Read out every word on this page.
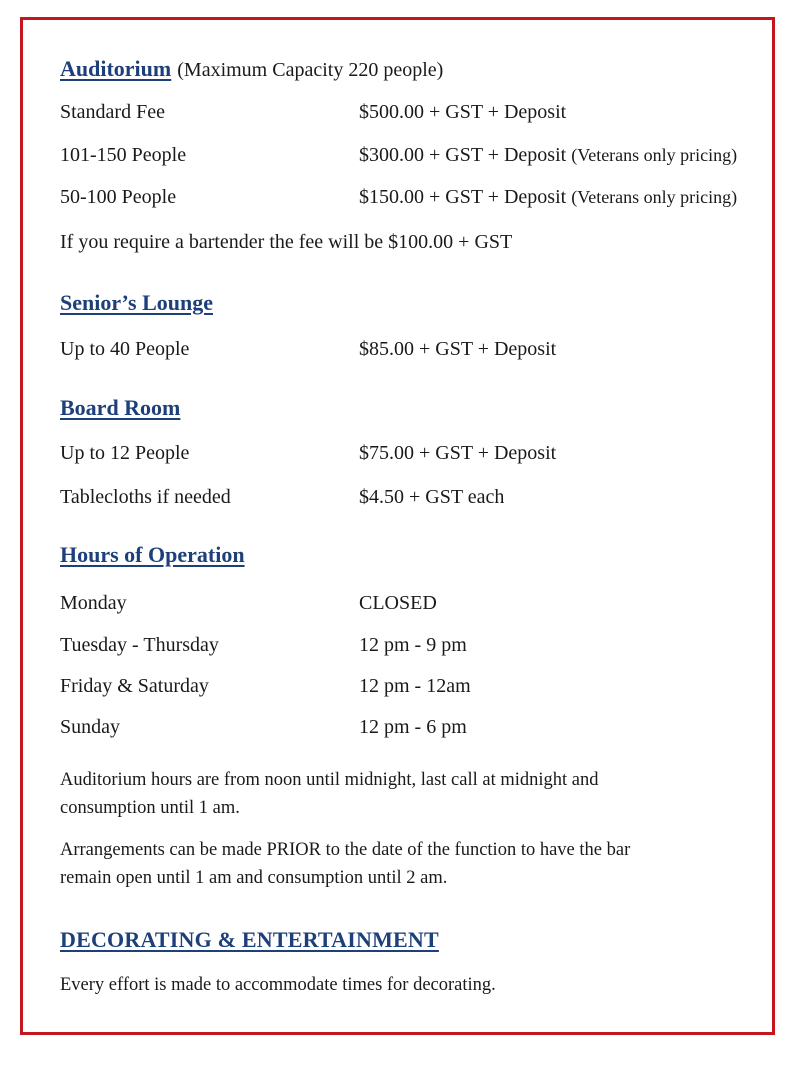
Auditorium (Maximum Capacity 220 people)
Standard Fee	$500.00 + GST + Deposit
101-150 People	$300.00 + GST + Deposit (Veterans only pricing)
50-100 People	$150.00 + GST + Deposit (Veterans only pricing)
If you require a bartender the fee will be $100.00 + GST
Senior’s Lounge
Up to 40 People	$85.00 + GST + Deposit
Board Room
Up to 12 People	$75.00 + GST + Deposit
Tablecloths if needed	$4.50 + GST each
Hours of Operation
Monday	CLOSED
Tuesday - Thursday	12 pm - 9 pm
Friday & Saturday	12 pm - 12am
Sunday	12 pm - 6 pm
Auditorium hours are from noon until midnight, last call at midnight and
consumption until 1 am.
Arrangements can be made PRIOR to the date of the function to have the bar
remain open until 1 am and consumption until 2 am.
DECORATING & ENTERTAINMENT
Every effort is made to accommodate times for decorating.
